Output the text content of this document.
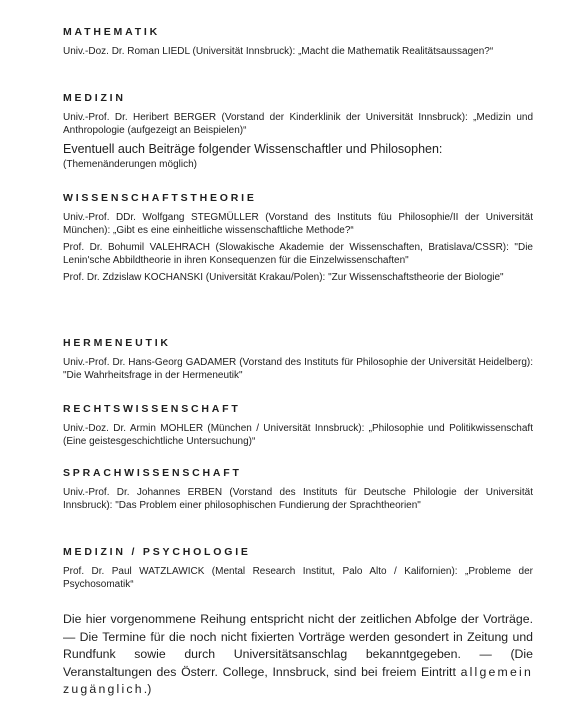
MATHEMATIK

Univ.-Doz. Dr. Roman LIEDL (Universität Innsbruck): „Macht die Mathematik Realitätsaussagen?“

MEDIZIN

Univ.-Prof. Dr. Heribert BERGER (Vorstand der Kinderklinik der Universität Innsbruck): „Medizin und Anthropologie (aufgezeigt an Beispielen)“

Eventuell auch Beiträge folgender Wissenschaftler und Philosophen:

(Themenänderungen möglich)

WISSENSCHAFTSTHEORIE

Univ.-Prof. DDr. Wolfgang STEGMÜLLER (Vorstand des Instituts füu Philosophie/II der Universität München): „Gibt es eine einheitliche wissenschaftliche Methode?“

Prof. Dr. Bohumil VALEHRACH (Slowakische Akademie der Wissenschaften, Bratislava/CSSR): "Die Lenin'sche Abbildtheorie in ihren Konsequenzen für die Einzelwissenschaften"

Prof. Dr. Zdzislaw KOCHANSKI (Universität Krakau/Polen): "Zur Wissenschaftstheorie der Biologie"

HERMENEUTIK

Univ.-Prof. Dr. Hans-Georg GADAMER (Vorstand des Instituts für Philosophie der Universität Heidelberg): "Die Wahrheitsfrage in der Hermeneutik"

RECHTSWISSENSCHAFT

Univ.-Doz. Dr. Armin MOHLER (München / Universität Innsbruck): „Philosophie und Politikwissenschaft (Eine geistesgeschichtliche Untersuchung)“

SPRACHWISSENSCHAFT

Univ.-Prof. Dr. Johannes ERBEN (Vorstand des Instituts für Deutsche Philologie der Universität Innsbruck): "Das Problem einer philosophischen Fundierung der Sprachtheorien"

MEDIZIN / PSYCHOLOGIE

Prof. Dr. Paul WATZLAWICK (Mental Research Institut, Palo Alto / Kalifornien): „Probleme der Psychosomatik“

Die hier vorgenommene Reihung entspricht nicht der zeitlichen Abfolge der Vorträge. — Die Termine für die noch nicht fixierten Vorträge werden gesondert in Zeitung und Rundfunk sowie durch Universitätsanschlag bekanntgegeben. — (Die Veranstaltungen des Österr. College, Innsbruck, sind bei freiem Eintritt allgemein zugänglich.)
